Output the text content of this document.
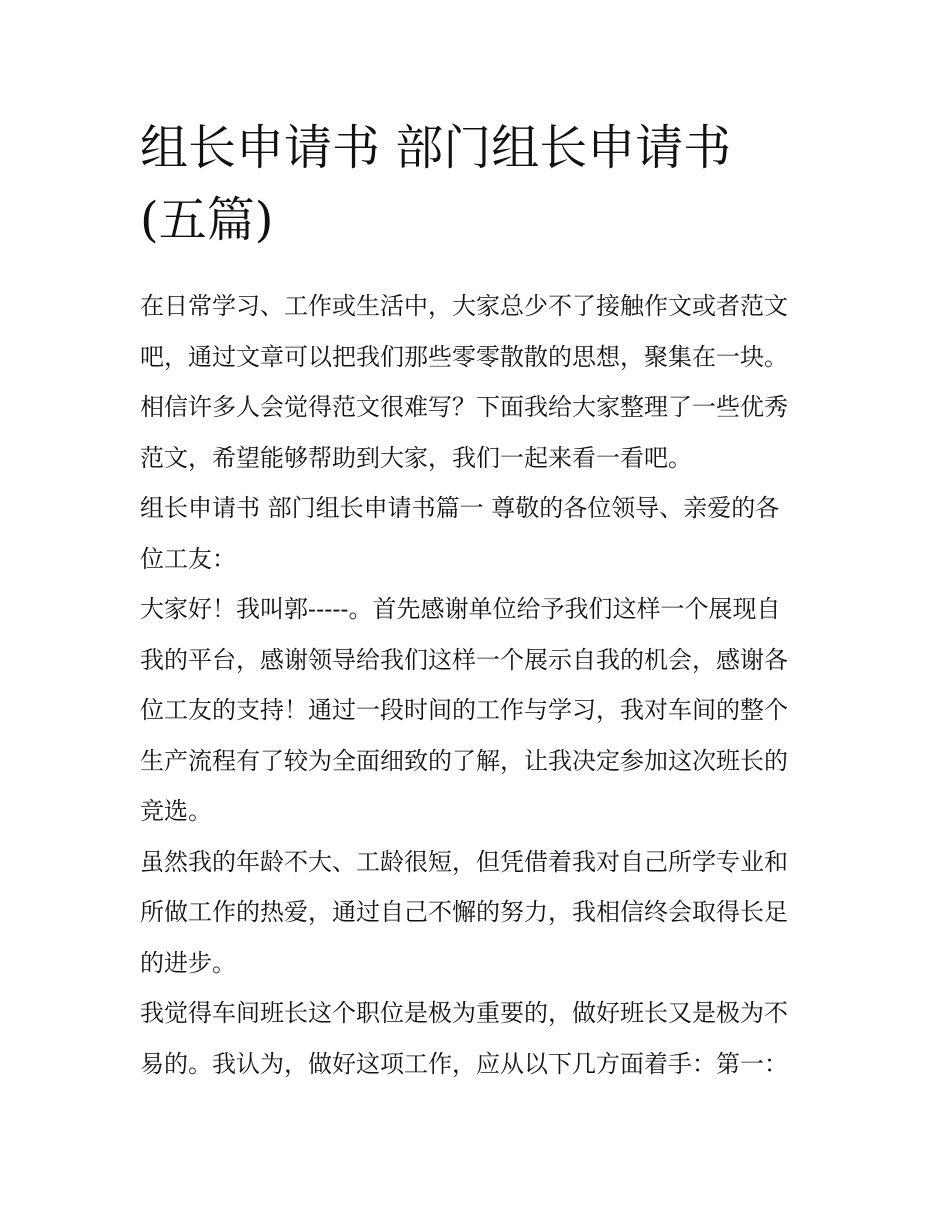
组长申请书 部门组长申请书
(五篇)
在日常学习、工作或生活中，大家总少不了接触作文或者范文
吧，通过文章可以把我们那些零零散散的思想，聚集在一块。
相信许多人会觉得范文很难写？下面我给大家整理了一些优秀
范文，希望能够帮助到大家，我们一起来看一看吧。
组长申请书 部门组长申请书篇一 尊敬的各位领导、亲爱的各
位工友：
大家好！我叫郭-----。首先感谢单位给予我们这样一个展现自
我的平台，感谢领导给我们这样一个展示自我的机会，感谢各
位工友的支持！通过一段时间的工作与学习，我对车间的整个
生产流程有了较为全面细致的了解，让我决定参加这次班长的
竞选。
虽然我的年龄不大、工龄很短，但凭借着我对自己所学专业和
所做工作的热爱，通过自己不懈的努力，我相信终会取得长足
的进步。
我觉得车间班长这个职位是极为重要的，做好班长又是极为不
易的。我认为，做好这项工作，应从以下几方面着手：第一：
